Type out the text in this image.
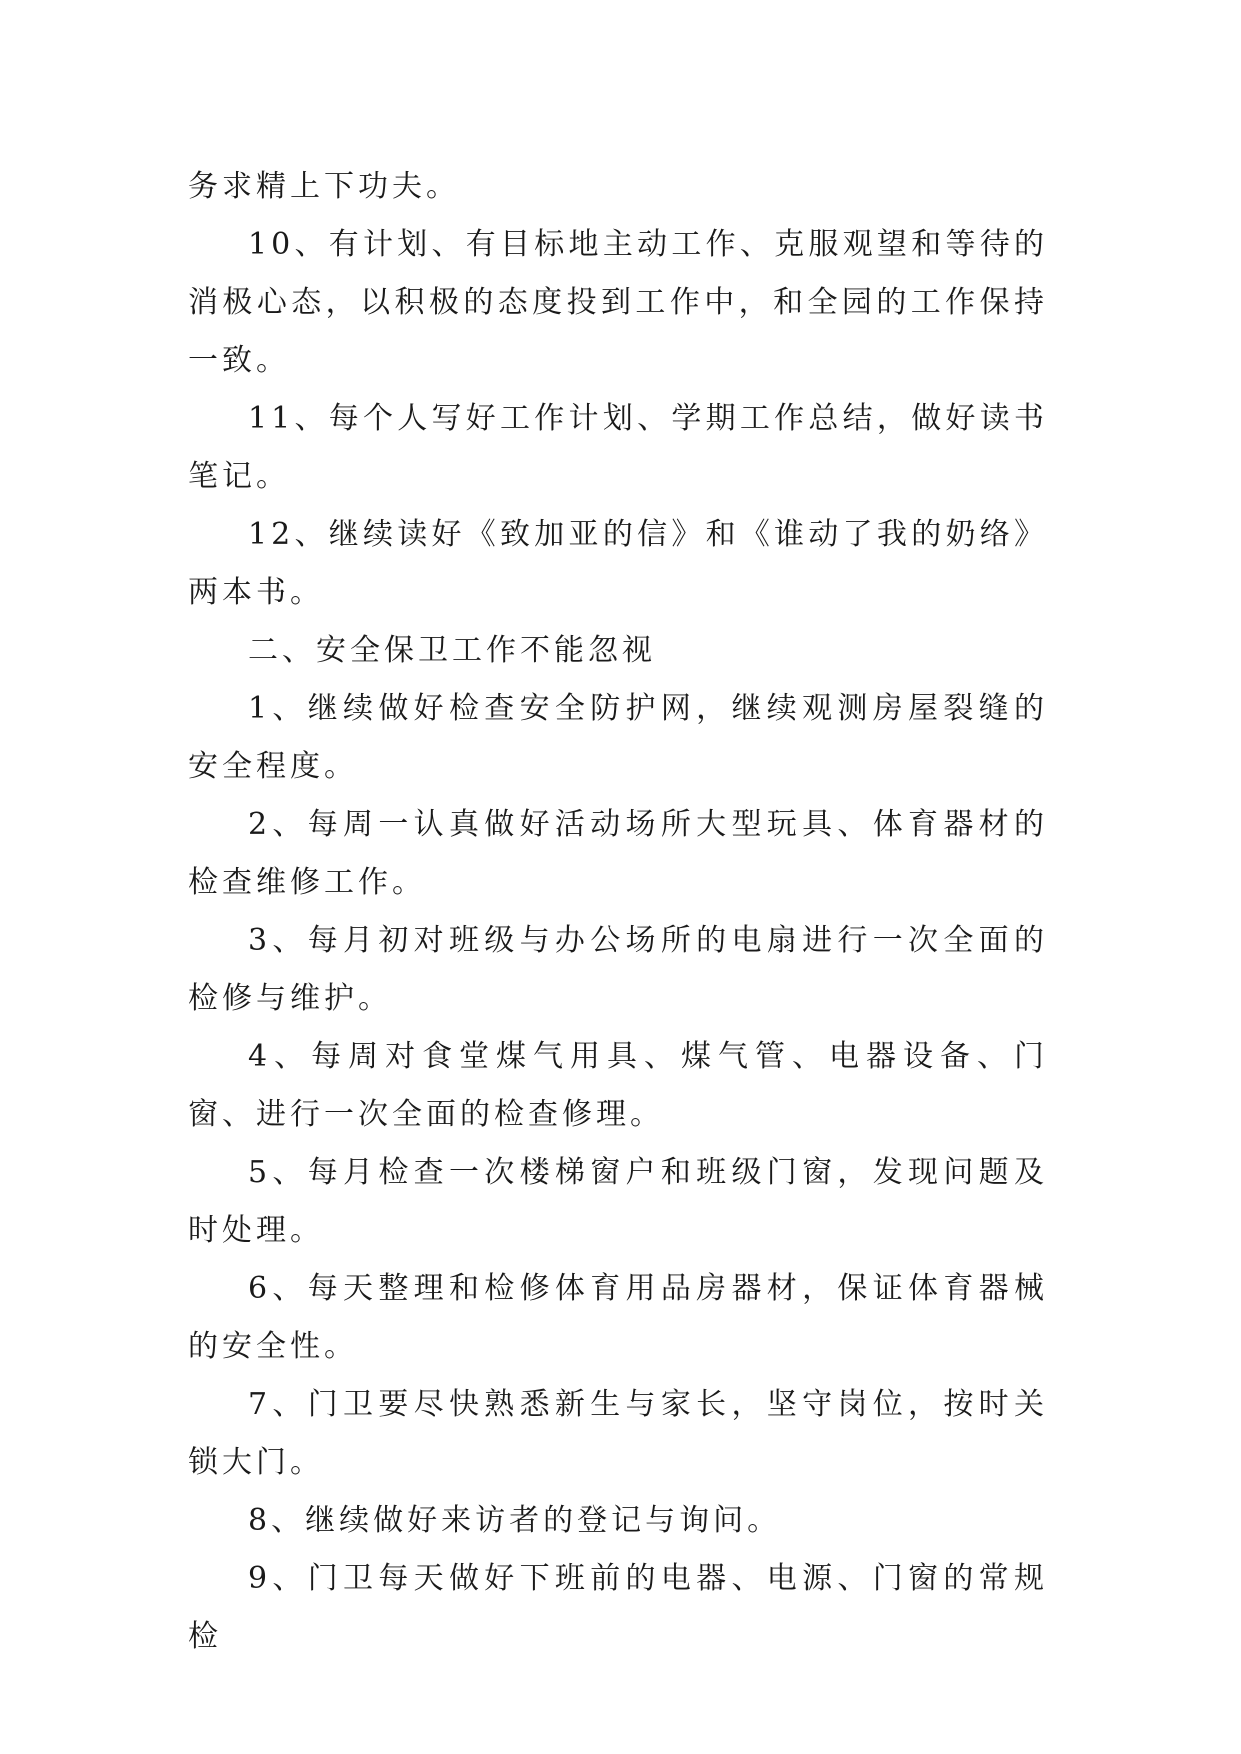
务求精上下功夫。

10、有计划、有目标地主动工作、克服观望和等待的消极心态，以积极的态度投到工作中，和全园的工作保持一致。

11、每个人写好工作计划、学期工作总结，做好读书笔记。

12、继续读好《致加亚的信》和《谁动了我的奶络》两本书。

二、安全保卫工作不能忽视

1、继续做好检查安全防护网，继续观测房屋裂缝的安全程度。

2、每周一认真做好活动场所大型玩具、体育器材的检查维修工作。

3、每月初对班级与办公场所的电扇进行一次全面的检修与维护。

4、每周对食堂煤气用具、煤气管、电器设备、门窗、进行一次全面的检查修理。

5、每月检查一次楼梯窗户和班级门窗，发现问题及时处理。

6、每天整理和检修体育用品房器材，保证体育器械的安全性。

7、门卫要尽快熟悉新生与家长，坚守岗位，按时关锁大门。

8、继续做好来访者的登记与询问。

9、门卫每天做好下班前的电器、电源、门窗的常规检
